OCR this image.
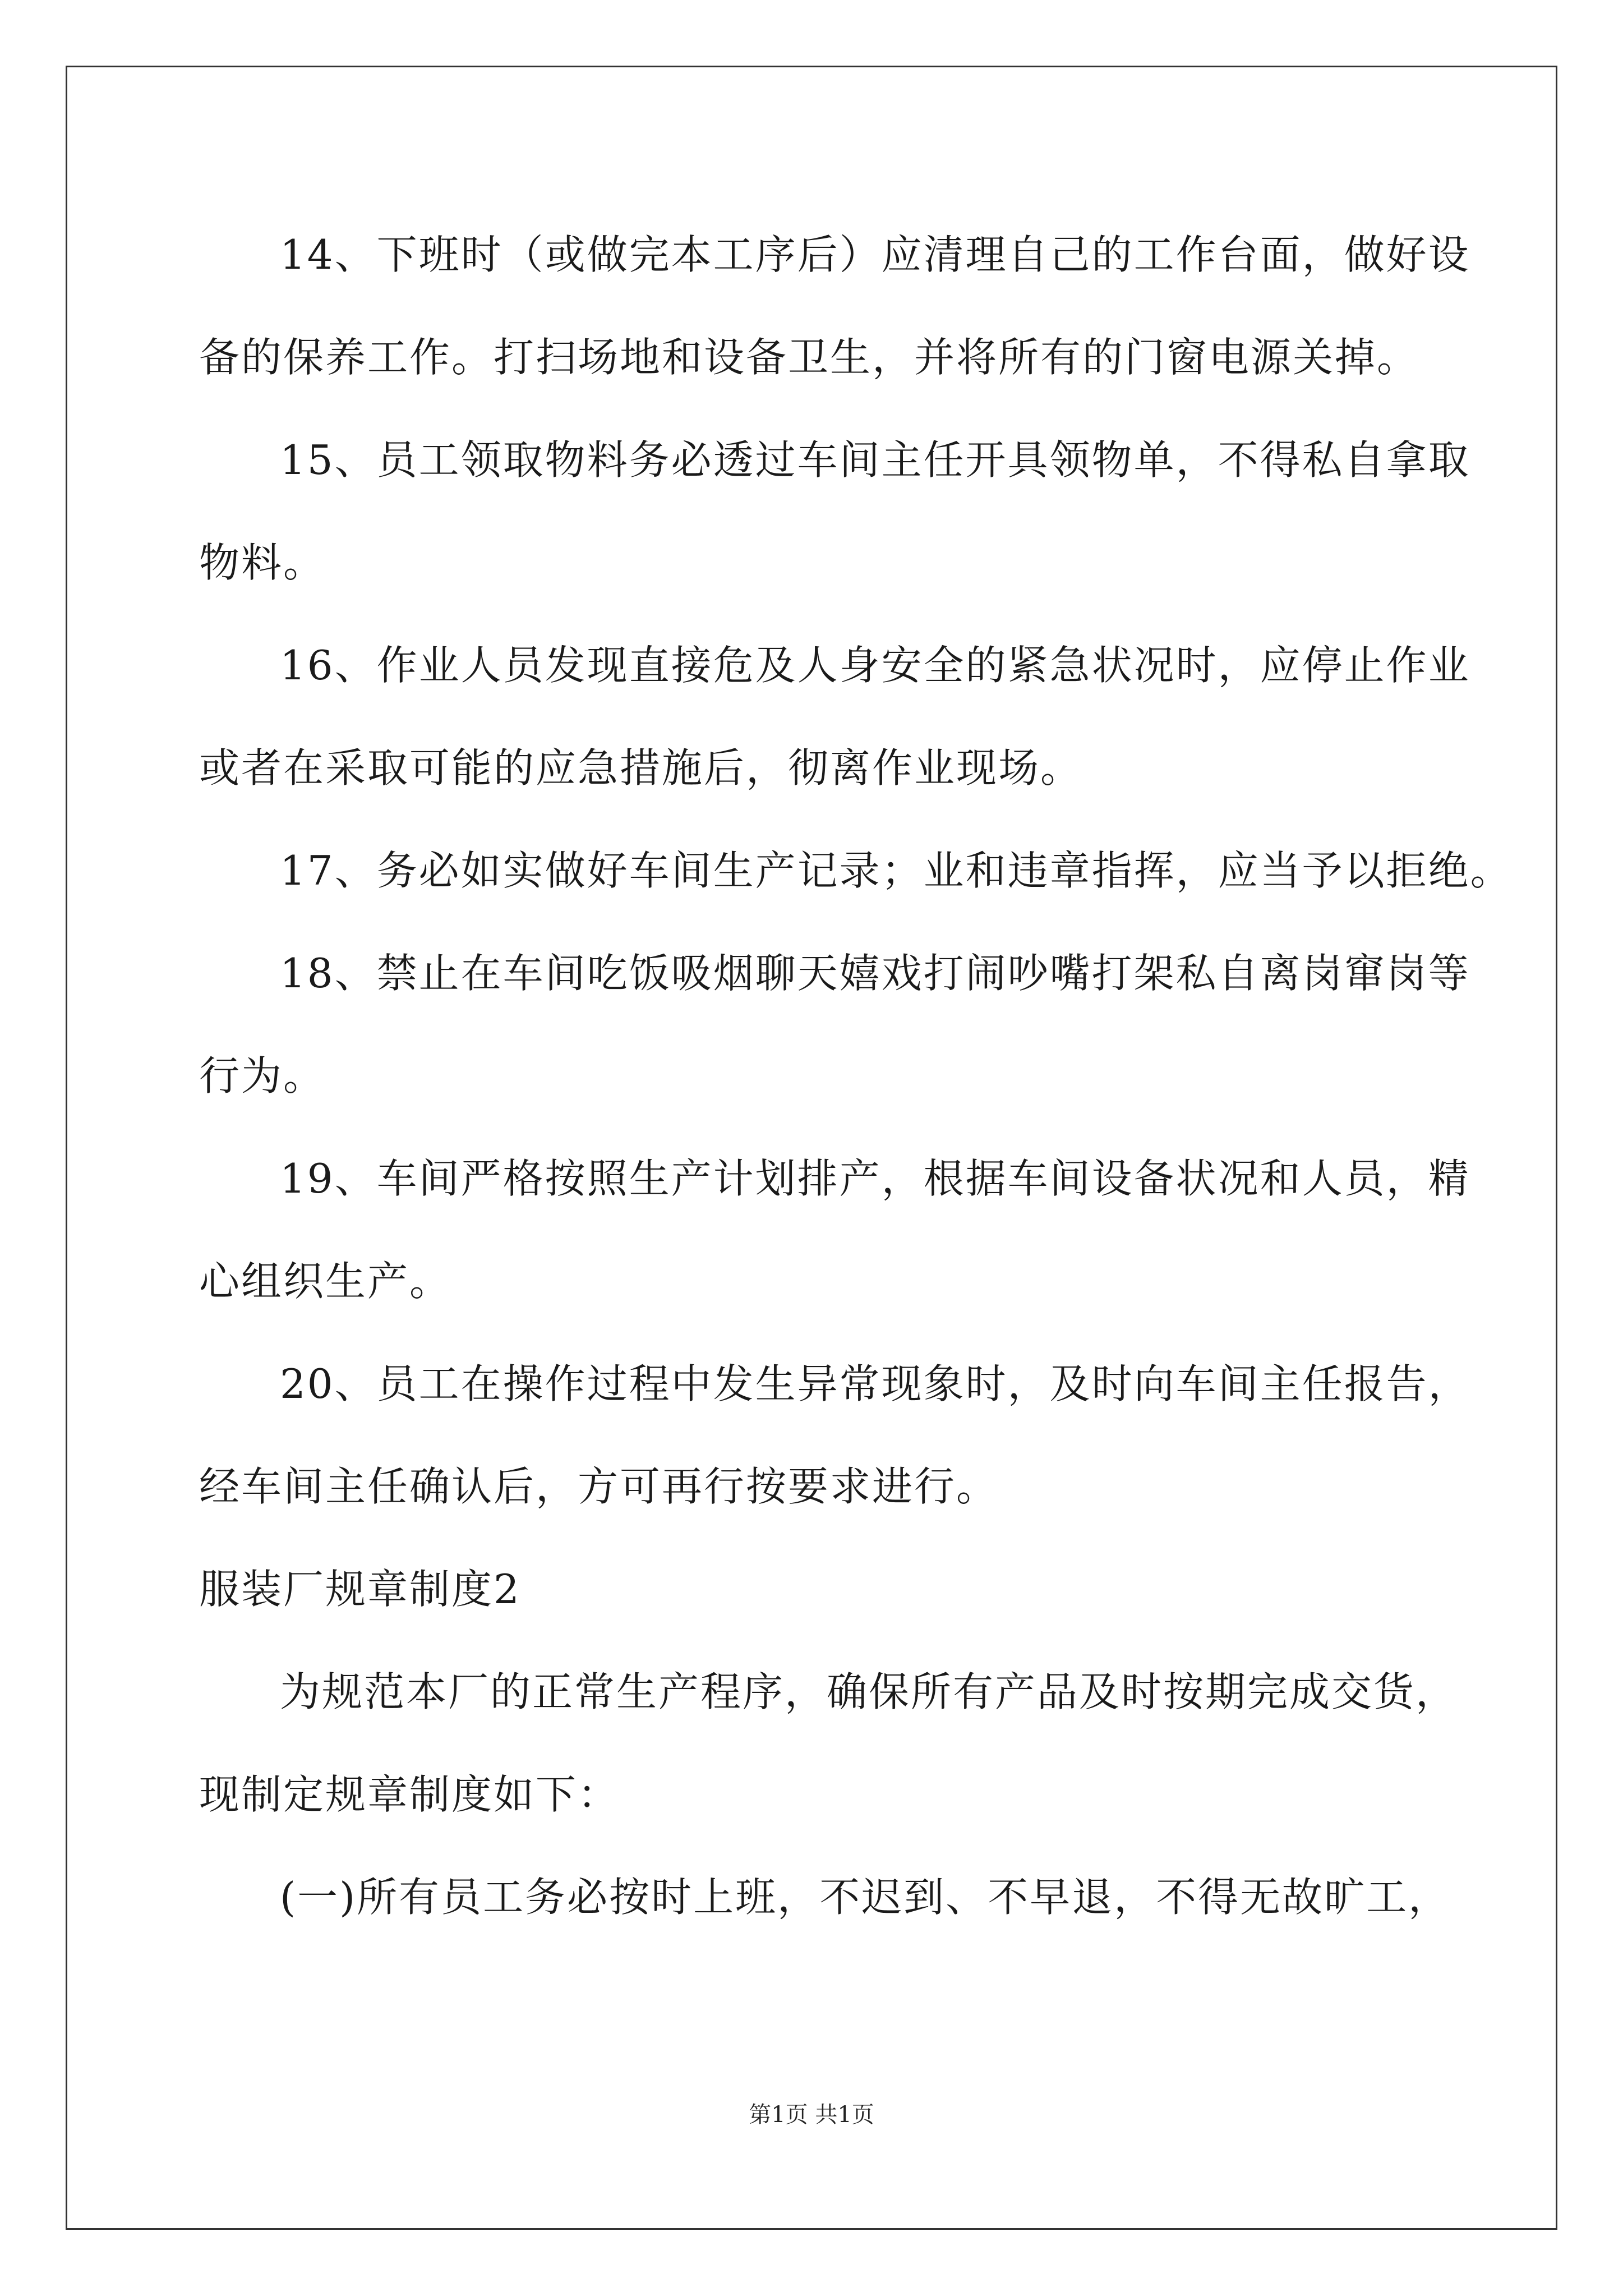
14、下班时（或做完本工序后）应清理自己的工作台面，做好设
备的保养工作。打扫场地和设备卫生，并将所有的门窗电源关掉。
15、员工领取物料务必透过车间主任开具领物单，不得私自拿取
物料。
16、作业人员发现直接危及人身安全的紧急状况时，应停止作业
或者在采取可能的应急措施后，彻离作业现场。
17、务必如实做好车间生产记录；业和违章指挥，应当予以拒绝。
18、禁止在车间吃饭吸烟聊天嬉戏打闹吵嘴打架私自离岗窜岗等
行为。
19、车间严格按照生产计划排产，根据车间设备状况和人员，精
心组织生产。
20、员工在操作过程中发生异常现象时，及时向车间主任报告，
经车间主任确认后，方可再行按要求进行。
服装厂规章制度2
为规范本厂的正常生产程序，确保所有产品及时按期完成交货，
现制定规章制度如下：
(一)所有员工务必按时上班，不迟到、不早退，不得无故旷工，
第1页 共1页
